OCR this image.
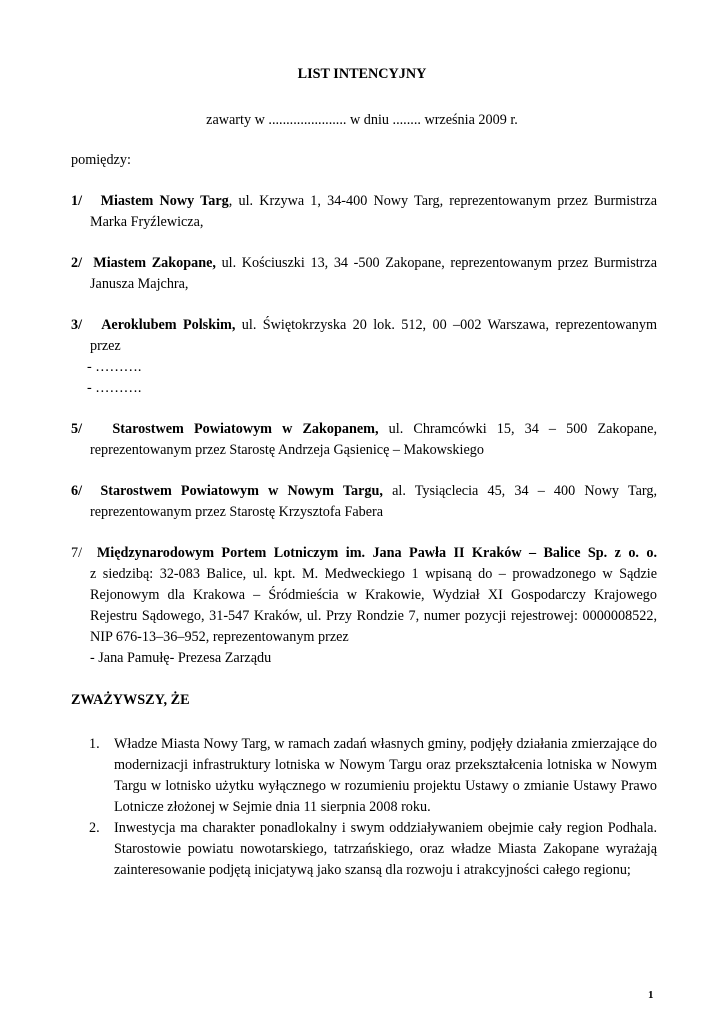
LIST INTENCYJNY
zawarty w ...................... w dniu ........ września 2009 r.
pomiędzy:
1/ Miastem Nowy Targ, ul. Krzywa 1, 34-400 Nowy Targ, reprezentowanym przez Burmistrza
Marka Fryźlewicza,
2/ Miastem Zakopane, ul. Kościuszki 13, 34 -500 Zakopane, reprezentowanym przez Burmistrza
Janusza Majchra,
3/ Aeroklubem Polskim, ul. Świętokrzyska 20 lok. 512, 00 –002 Warszawa, reprezentowanym
przez
- ……….
- ……….
5/ Starostwem Powiatowym w Zakopanem, ul. Chramcówki 15, 34 – 500 Zakopane,
reprezentowanym przez Starostę Andrzeja Gąsienicę – Makowskiego
6/ Starostwem Powiatowym w Nowym Targu, al. Tysiąclecia 45, 34 – 400 Nowy Targ,
reprezentowanym przez Starostę Krzysztofa Fabera
7/ Międzynarodowym Portem Lotniczym im. Jana Pawła II Kraków – Balice Sp. z o. o.
z siedzibą: 32-083 Balice, ul. kpt. M. Medweckiego 1 wpisaną do – prowadzonego w Sądzie Rejonowym dla Krakowa – Śródmieścia w Krakowie, Wydział XI Gospodarczy Krajowego Rejestru Sądowego, 31-547 Kraków, ul. Przy Rondzie 7, numer pozycji rejestrowej: 0000008522, NIP 676-13–36–952, reprezentowanym przez
- Jana Pamułę- Prezesa Zarządu
ZWAŻYWSZY, ŻE
1. Władze Miasta Nowy Targ, w ramach zadań własnych gminy, podjęły działania zmierzające do modernizacji infrastruktury lotniska w Nowym Targu oraz przekształcenia lotniska w Nowym Targu w lotnisko użytku wyłącznego w rozumieniu projektu Ustawy o zmianie Ustawy Prawo Lotnicze złożonej w Sejmie dnia 11 sierpnia 2008 roku.
2. Inwestycja ma charakter ponadlokalny i swym oddziaływaniem obejmie cały region Podhala. Starostowie powiatu nowotarskiego, tatrzańskiego, oraz władze Miasta Zakopane wyrażają zainteresowanie podjętą inicjatywą jako szansą dla rozwoju i atrakcyjności całego regionu;
1
